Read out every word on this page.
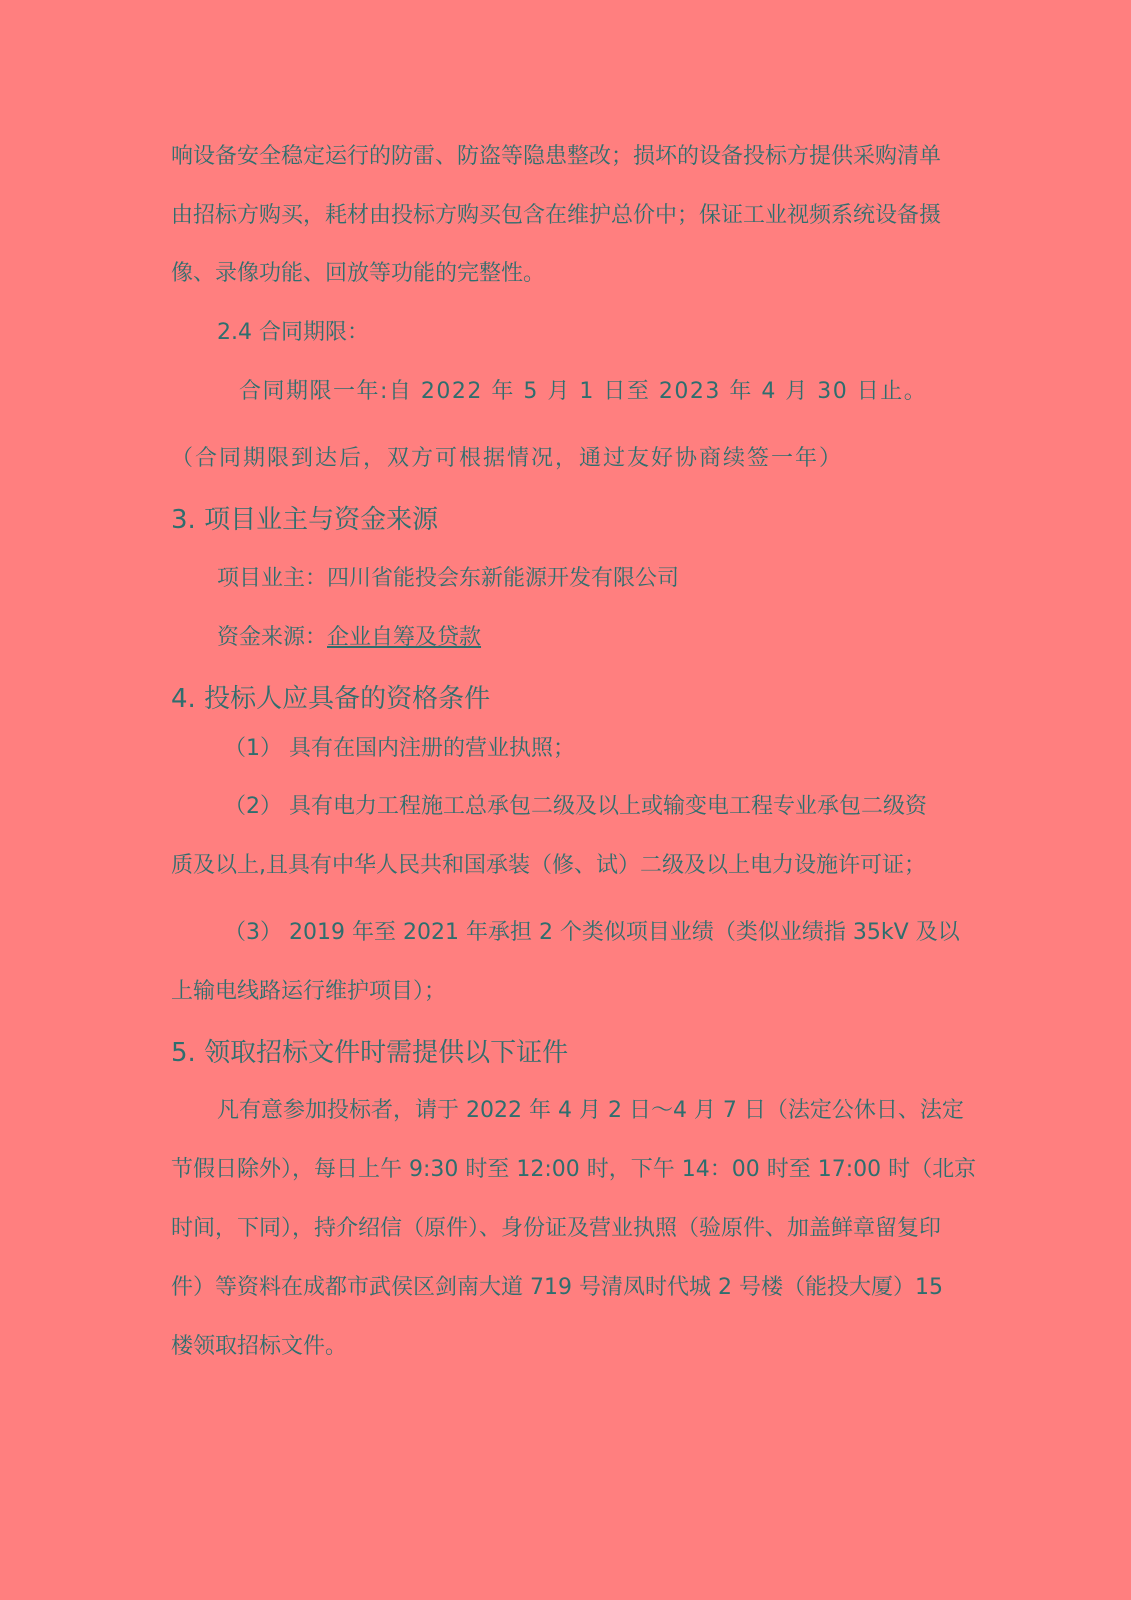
响设备安全稳定运行的防雷、防盗等隐患整改；损坏的设备投标方提供采购清单
由招标方购买，耗材由投标方购买包含在维护总价中；保证工业视频系统设备摄
像、录像功能、回放等功能的完整性。
2.4 合同期限：
合同期限一年:自 2022 年 5 月 1 日至 2023 年 4 月 30 日止。
（合同期限到达后，双方可根据情况，通过友好协商续签一年）
3. 项目业主与资金来源
项目业主：四川省能投会东新能源开发有限公司
资金来源：企业自筹及贷款
4. 投标人应具备的资格条件
（1） 具有在国内注册的营业执照；
（2） 具有电力工程施工总承包二级及以上或输变电工程专业承包二级资
质及以上,且具有中华人民共和国承装（修、试）二级及以上电力设施许可证；
（3） 2019 年至 2021 年承担 2 个类似项目业绩（类似业绩指 35kV 及以
上输电线路运行维护项目）；
5. 领取招标文件时需提供以下证件
凡有意参加投标者，请于 2022 年 4 月 2 日～4 月 7 日（法定公休日、法定
节假日除外），每日上午 9:30 时至 12:00 时，下午 14：00 时至 17:00 时（北京
时间，下同），持介绍信（原件）、身份证及营业执照（验原件、加盖鲜章留复印
件）等资料在成都市武侯区剑南大道 719 号清凤时代城 2 号楼（能投大厦）15
楼领取招标文件。
